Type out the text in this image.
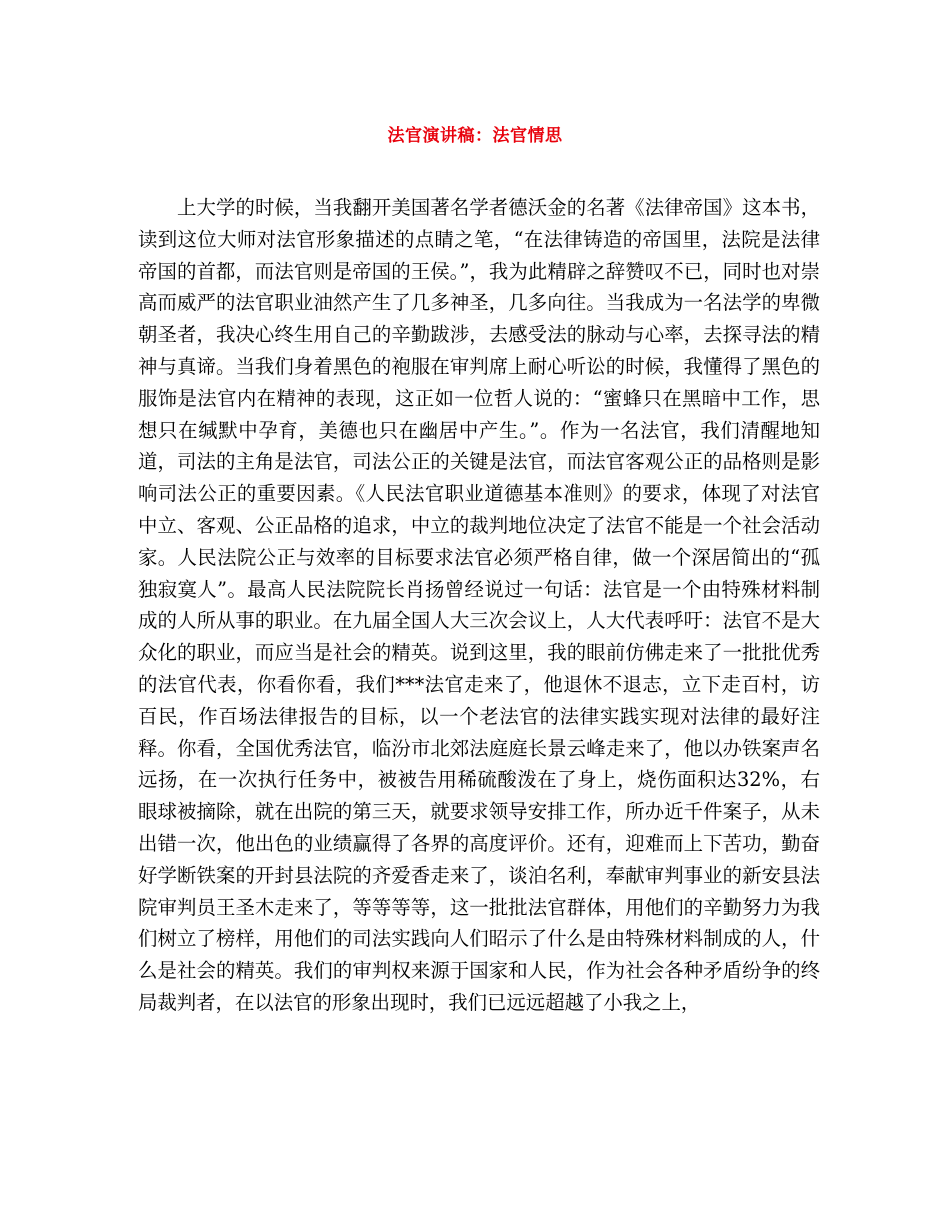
法官演讲稿：法官情思

上大学的时候，当我翻开美国著名学者德沃金的名著《法律帝国》这本书，读到这位大师对法官形象描述的点睛之笔，“在法律铸造的帝国里，法院是法律帝国的首都，而法官则是帝国的王侯。”，我为此精辟之辞赞叹不已，同时也对崇高而威严的法官职业油然产生了几多神圣，几多向往。当我成为一名法学的卑微朝圣者，我决心终生用自己的辛勤跋涉，去感受法的脉动与心率，去探寻法的精神与真谛。当我们身着黑色的袍服在审判席上耐心听讼的时候，我懂得了黑色的服饰是法官内在精神的表现，这正如一位哲人说的：“蜜蜂只在黑暗中工作，思想只在缄默中孕育，美德也只在幽居中产生。”。作为一名法官，我们清醒地知道，司法的主角是法官，司法公正的关键是法官，而法官客观公正的品格则是影响司法公正的重要因素。《人民法官职业道德基本准则》的要求，体现了对法官中立、客观、公正品格的追求，中立的裁判地位决定了法官不能是一个社会活动家。人民法院公正与效率的目标要求法官必须严格自律，做一个深居简出的“孤独寂寞人”。最高人民法院院长肖扬曾经说过一句话：法官是一个由特殊材料制成的人所从事的职业。在九届全国人大三次会议上，人大代表呼吁：法官不是大众化的职业，而应当是社会的精英。说到这里，我的眼前仿佛走来了一批批优秀的法官代表，你看你看，我们***法官走来了，他退休不退志，立下走百村，访百民，作百场法律报告的目标，以一个老法官的法律实践实现对法律的最好注释。你看，全国优秀法官，临汾市北郊法庭庭长景云峰走来了，他以办铁案声名远扬，在一次执行任务中，被被告用稀硫酸泼在了身上，烧伤面积达32%，右眼球被摘除，就在出院的第三天，就要求领导安排工作，所办近千件案子，从未出错一次，他出色的业绩赢得了各界的高度评价。还有，迎难而上下苦功，勤奋好学断铁案的开封县法院的齐爱香走来了，谈泊名利，奉献审判事业的新安县法院审判员王圣木走来了，等等等等，这一批批法官群体，用他们的辛勤努力为我们树立了榜样，用他们的司法实践向人们昭示了什么是由特殊材料制成的人，什么是社会的精英。我们的审判权来源于国家和人民，作为社会各种矛盾纷争的终局裁判者，在以法官的形象出现时，我们已远远超越了小我之上，
